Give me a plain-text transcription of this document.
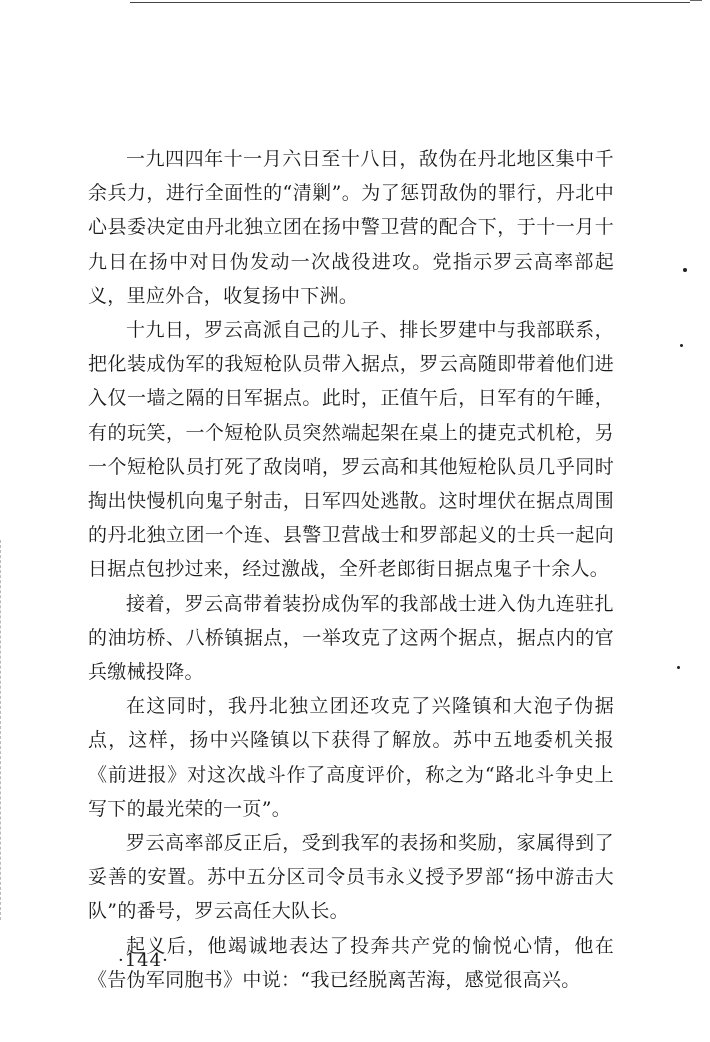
一九四四年十一月六日至十八日，敌伪在丹北地区集中千余兵力，进行全面性的“清剿”。为了惩罚敌伪的罪行，丹北中心县委决定由丹北独立团在扬中警卫营的配合下，于十一月十九日在扬中对日伪发动一次战役进攻。党指示罗云高率部起义，里应外合，收复扬中下洲。

十九日，罗云高派自己的儿子、排长罗建中与我部联系，把化装成伪军的我短枪队员带入据点，罗云高随即带着他们进入仅一墙之隔的日军据点。此时，正值午后，日军有的午睡，有的玩笑，一个短枪队员突然端起架在桌上的捷克式机枪，另一个短枪队员打死了敌岗哨，罗云高和其他短枪队员几乎同时掏出快慢机向鬼子射击，日军四处逃散。这时埋伏在据点周围的丹北独立团一个连、县警卫营战士和罗部起义的士兵一起向日据点包抄过来，经过激战，全歼老郎街日据点鬼子十余人。

接着，罗云高带着装扮成伪军的我部战士进入伪九连驻扎的油坊桥、八桥镇据点，一举攻克了这两个据点，据点内的官兵缴械投降。

在这同时，我丹北独立团还攻克了兴隆镇和大泡子伪据点，这样，扬中兴隆镇以下获得了解放。苏中五地委机关报《前进报》对这次战斗作了高度评价，称之为“路北斗争史上写下的最光荣的一页”。

罗云高率部反正后，受到我军的表扬和奖励，家属得到了妥善的安置。苏中五分区司令员韦永义授予罗部“扬中游击大队”的番号，罗云高任大队长。

起义后，他竭诚地表达了投奔共产党的愉悦心情，他在《告伪军同胞书》中说：“我已经脱离苦海，感觉很高兴。

·144·
